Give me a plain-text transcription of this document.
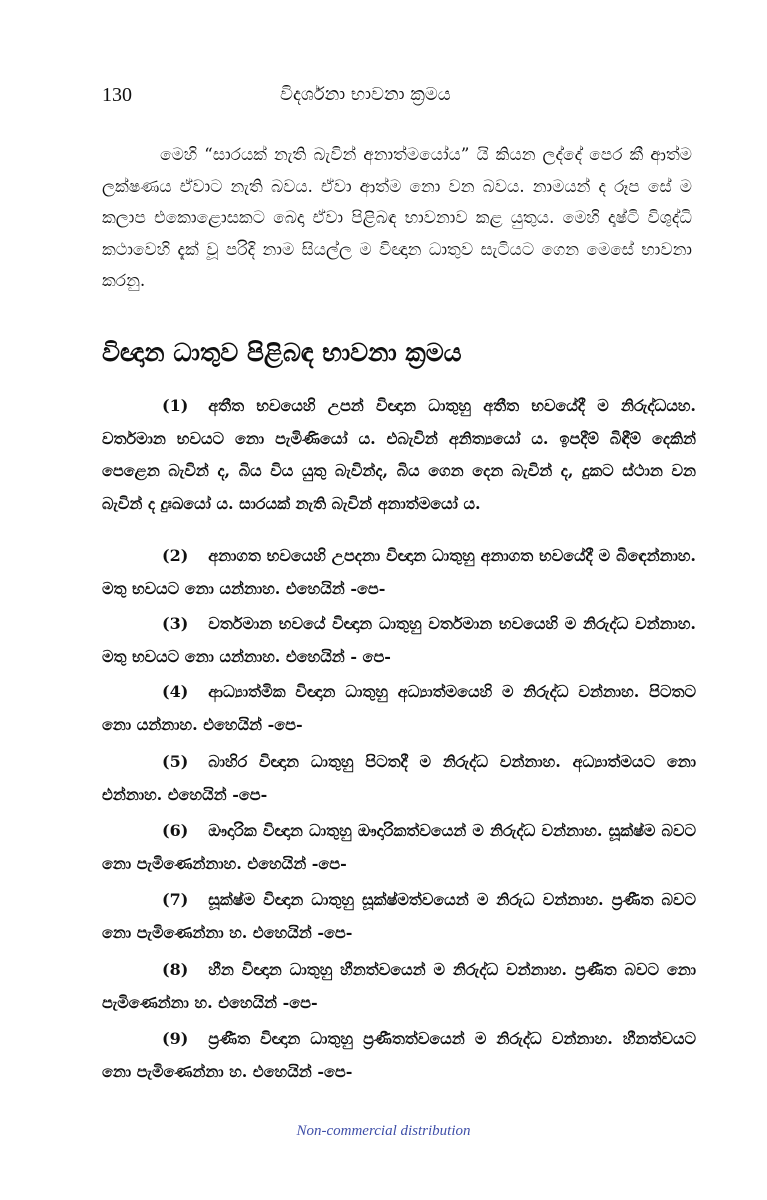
130	විදර්ශනා භාවනා ක්‍රමය

මෙහි “සාරයක් නැති බැවින් අනාත්මයෝය” යි කියන ලද්දේ පෙර කී ආත්ම ලක්ෂණය ඒවාට නැති බවය. ඒවා ආත්ම නො වන බවය. නාමයන් ද රූප සේ ම කලාප එකොළොසකට බෙදා ඒවා පිළිබඳ භාවනාව කළ යුතුය. මෙහි දෘෂ්ටි විශුද්ධි කථාවෙහි දැක් වූ පරිදි නාම සියල්ල ම විඥාන ධාතුව සැටියට ගෙන මෙසේ භාවනා කරනු.

විඥාන ධාතුව පිළිබඳ භාවනා ක්‍රමය

(1) අතීත භවයෙහි උපන් විඥාන ධාතුහු අතීත භවයේදී ම නිරුද්ධයහ. වර්තමාන භවයට නො පැමිණියෝ ය. එබැවින් අනිත්‍යයෝ ය. ඉපදීම් බිඳීම් දෙකින් පෙළෙන බැවින් ද, බිය විය යුතු බැවින්ද, බිය ගෙන දෙන බැවින් ද, දුකට ස්ථාන වන බැවින් ද දුඃඛයෝ ය. සාරයක් නැති බැවින් අනාත්මයෝ ය.

(2) අනාගත භවයෙහි උපදනා විඥාන ධාතුහු අනාගත භවයේදී ම බිඳෙන්නාහ. මතු භවයට නො යන්නාහ. එහෙයින් -පෙ-

(3) වර්තමාන භවයේ විඥාන ධාතුහු වර්තමාන භවයෙහි ම නිරුද්ධ වන්නාහ. මතු භවයට නො යන්නාහ. එහෙයින් - පෙ-

(4) ආධ්‍යාත්මික විඥාන ධාතුහු අධ්‍යාත්මයෙහි ම නිරුද්ධ වන්නාහ. පිටතට නො යන්නාහ. එහෙයින් -පෙ-

(5) බාහිර විඥාන ධාතුහු පිටතදී ම නිරුද්ධ වන්නාහ. අධ්‍යාත්මයට නො එන්නාහ. එහෙයින් -පෙ-

(6) ඖදාරික විඥාන ධාතුහු ඖදාරිකත්වයෙන් ම නිරුද්ධ වන්නාහ. සූක්ෂ්ම බවට නො පැමිණෙන්නාහ. එහෙයින් -පෙ-

(7) සූක්ෂ්ම විඥාන ධාතුහු සූක්ෂ්මත්වයෙන් ම නිරුධ වන්නාහ. ප්‍රණීත බවට නො පැමිණෙන්නා හ. එහෙයින් -පෙ-

(8) හීන විඥාන ධාතුහු හීනත්වයෙන් ම නිරුද්ධ වන්නාහ. ප්‍රණීත බවට නො පැමිණෙන්නා හ. එහෙයින් -පෙ-

(9) ප්‍රණීත විඥාන ධාතුහු ප්‍රණීතත්වයෙන් ම නිරුද්ධ වන්නාහ. හීනත්වයට නො පැමිණෙන්නා හ. එහෙයින් -පෙ-

Non-commercial distribution
